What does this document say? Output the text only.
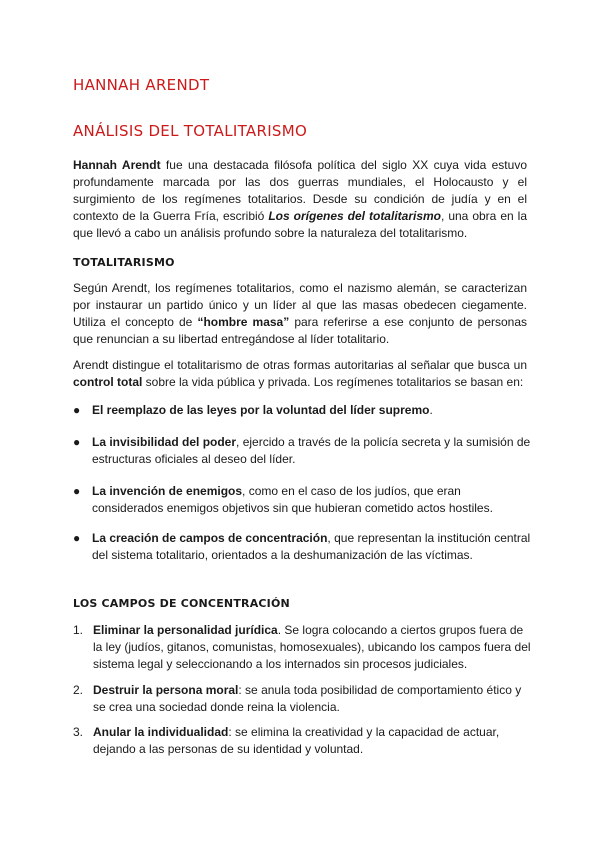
HANNAH ARENDT
ANÁLISIS DEL TOTALITARISMO

Hannah Arendt fue una destacada filósofa política del siglo XX cuya vida estuvo profundamente marcada por las dos guerras mundiales, el Holocausto y el surgimiento de los regímenes totalitarios. Desde su condición de judía y en el contexto de la Guerra Fría, escribió Los orígenes del totalitarismo, una obra en la que llevó a cabo un análisis profundo sobre la naturaleza del totalitarismo.

TOTALITARISMO

Según Arendt, los regímenes totalitarios, como el nazismo alemán, se caracterizan por instaurar un partido único y un líder al que las masas obedecen ciegamente. Utiliza el concepto de “hombre masa” para referirse a ese conjunto de personas que renuncian a su libertad entregándose al líder totalitario.

Arendt distingue el totalitarismo de otras formas autoritarias al señalar que busca un control total sobre la vida pública y privada. Los regímenes totalitarios se basan en:

● El reemplazo de las leyes por la voluntad del líder supremo.
● La invisibilidad del poder, ejercido a través de la policía secreta y la sumisión de estructuras oficiales al deseo del líder.
● La invención de enemigos, como en el caso de los judíos, que eran considerados enemigos objetivos sin que hubieran cometido actos hostiles.
● La creación de campos de concentración, que representan la institución central del sistema totalitario, orientados a la deshumanización de las víctimas.
LOS CAMPOS DE CONCENTRACIÓN
1. Eliminar la personalidad jurídica. Se logra colocando a ciertos grupos fuera de la ley (judíos, gitanos, comunistas, homosexuales), ubicando los campos fuera del sistema legal y seleccionando a los internados sin procesos judiciales.
2. Destruir la persona moral: se anula toda posibilidad de comportamiento ético y se crea una sociedad donde reina la violencia.
3. Anular la individualidad: se elimina la creatividad y la capacidad de actuar, dejando a las personas de su identidad y voluntad.
